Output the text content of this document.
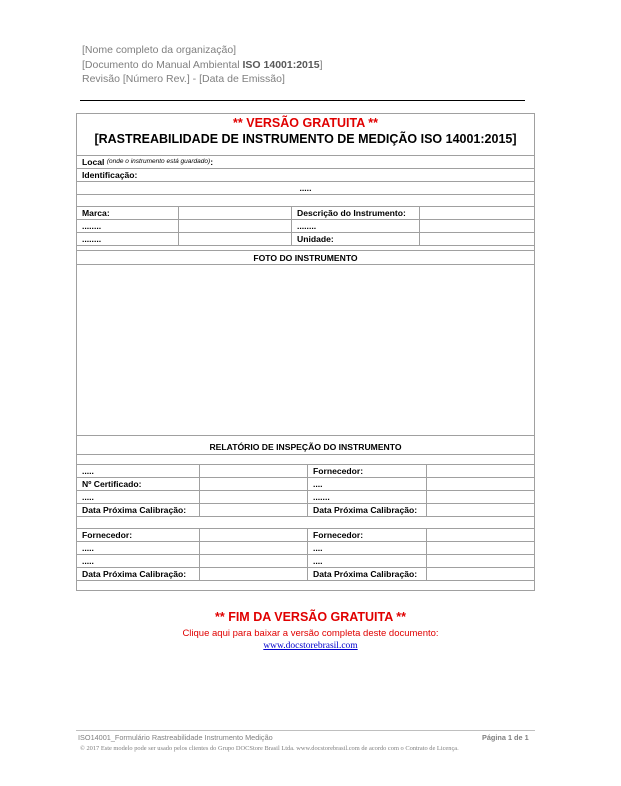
[Nome completo da organização]
[Documento do Manual Ambiental ISO 14001:2015]
Revisão [Número Rev.] - [Data de Emissão]
** VERSÃO GRATUITA **
[RASTREABILIDADE DE INSTRUMENTO DE MEDIÇÃO ISO 14001:2015]
Local
(onde o instrumento está guardado) :
Identificação:
.....
Marca:	Descrição do Instrumento:
........	........
........	Unidade:
FOTO DO INSTRUMENTO
RELATÓRIO DE INSPEÇÃO DO INSTRUMENTO
.....	Fornecedor:
Nº Certificado:	....
.....	.......
Data Próxima Calibração:	Data Próxima Calibração:
Fornecedor:	Fornecedor:
.....	....
.....	....
Data Próxima Calibração:	Data Próxima Calibração:
** FIM DA VERSÃO GRATUITA **
Clique aqui para baixar a versão completa deste documento:
www.docstorebrasil.com
ISO14001_Formulário Rastreabilidade Instrumento Medição	Página 1 de 1
© 2017 Este modelo pode ser usado pelos clientes do Grupo DOCStore Brasil Ltda. www.docstorebrasil.com de acordo com o Contrato de Licença.
